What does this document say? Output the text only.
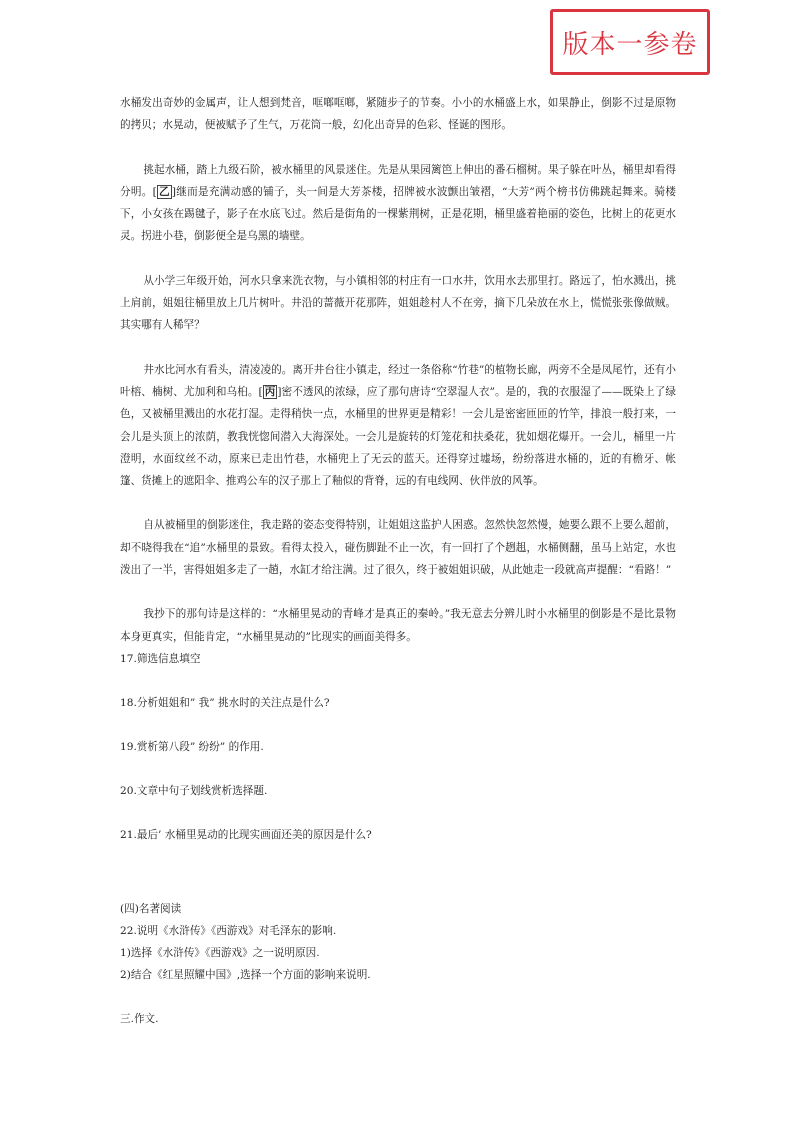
版本一参卷

水桶发出奇妙的金属声，让人想到梵音，哐啷哐啷，紧随步子的节奏。小小的水桶盛上水，如果静止，倒影不过是原物的拷贝；水晃动，便被赋予了生气，万花筒一般，幻化出奇异的色彩、怪诞的图形。

挑起水桶，踏上九级石阶，被水桶里的风景迷住。先是从果园篱笆上伸出的番石榴树。果子躲在叶丛，桶里却看得分明。[ 乙 ]继而是充满动感的铺子，头一间是大芳茶楼，招牌被水波颤出皱褶，“大芳”两个榜书仿佛跳起舞来。骑楼下，小女孩在踢毽子，影子在水底飞过。然后是街角的一棵紫荆树，正是花期，桶里盛着艳丽的姿色，比树上的花更水灵。拐进小巷，倒影便全是乌黑的墙壁。

从小学三年级开始，河水只拿来洗衣物，与小镇相邻的村庄有一口水井，饮用水去那里打。路远了，怕水溅出，挑上肩前，姐姐往桶里放上几片树叶。井沿的蔷薇开花那阵，姐姐趁村人不在旁，摘下几朵放在水上，慌慌张张像做贼。其实哪有人稀罕？

井水比河水有看头，清凌凌的。离开井台往小镇走，经过一条俗称“竹巷”的植物长廊，两旁不全是凤尾竹，还有小叶榕、楠树、尤加利和乌桕。[ 丙 ]密不透风的浓绿，应了那句唐诗“空翠湿人衣”。是的，我的衣服湿了——既染上了绿色，又被桶里溅出的水花打湿。走得稍快一点，水桶里的世界更是精彩！一会儿是密密匝匝的竹竿，排浪一般打来，一会儿是头顶上的浓荫，教我恍惚间潜入大海深处。一会儿是旋转的灯笼花和扶桑花，犹如烟花爆开。一会儿，桶里一片澄明，水面纹丝不动，原来已走出竹巷，水桶兜上了无云的蓝天。还得穿过墟场，纷纷落进水桶的，近的有檐牙、帐篷、货摊上的遮阳伞、推鸡公车的汉子那上了釉似的背脊，远的有电线网、伙伴放的风筝。

自从被桶里的倒影迷住，我走路的姿态变得特别，让姐姐这监护人困惑。忽然快忽然慢，她要么跟不上要么超前，却不晓得我在“追”水桶里的景致。看得太投入，碰伤脚趾不止一次，有一回打了个趔趄，水桶侧翻，虽马上站定，水也泼出了一半，害得姐姐多走了一趟，水缸才给注满。过了很久，终于被姐姐识破，从此她走一段就高声提醒：“看路！”

我抄下的那句诗是这样的：“水桶里晃动的青峰才是真正的秦岭。”我无意去分辨儿时小水桶里的倒影是不是比景物本身更真实，但能肯定，“水桶里晃动的”比现实的画面美得多。

17.筛选信息填空

18.分析姐姐和” 我” 挑水时的关注点是什么?

19.赏析第八段” 纷纷” 的作用.

20.文章中句子划线赏析选择题.

21.最后’ 水桶里晃动的比现实画面还美的原因是什么?

(四)名著阅读

22.说明《水浒传》《西游戏》对毛泽东的影响.

1)选择《水浒传》《西游戏》之一说明原因.

2)结合《红星照耀中国》,选择一个方面的影响来说明.

三.作文.
